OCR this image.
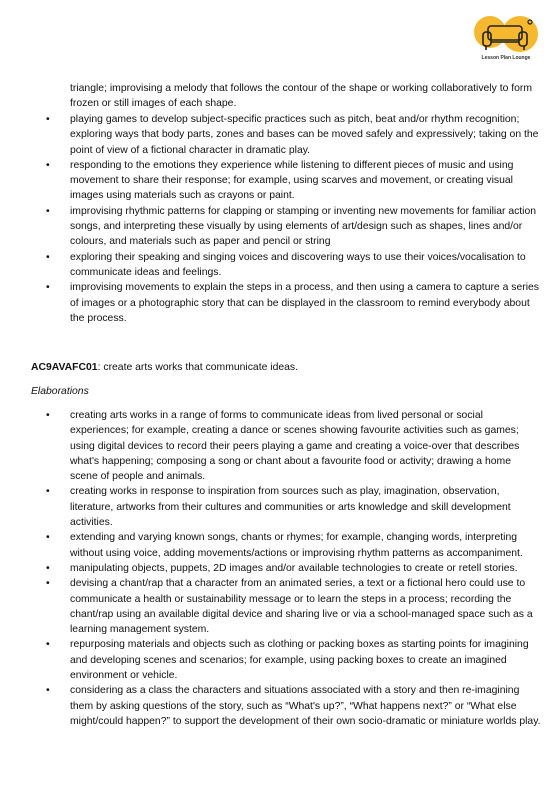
Lesson Plan Lounge

triangle; improvising a melody that follows the contour of the shape or working collaboratively to form frozen or still images of each shape.

• playing games to develop subject-specific practices such as pitch, beat and/or rhythm recognition; exploring ways that body parts, zones and bases can be moved safely and expressively; taking on the point of view of a fictional character in dramatic play.
• responding to the emotions they experience while listening to different pieces of music and using movement to share their response; for example, using scarves and movement, or creating visual images using materials such as crayons or paint.
• improvising rhythmic patterns for clapping or stamping or inventing new movements for familiar action songs, and interpreting these visually by using elements of art/design such as shapes, lines and/or colours, and materials such as paper and pencil or string
• exploring their speaking and singing voices and discovering ways to use their voices/vocalisation to communicate ideas and feelings.
• improvising movements to explain the steps in a process, and then using a camera to capture a series of images or a photographic story that can be displayed in the classroom to remind everybody about the process.

AC9AVAFC01: create arts works that communicate ideas.

Elaborations

• creating arts works in a range of forms to communicate ideas from lived personal or social experiences; for example, creating a dance or scenes showing favourite activities such as games; using digital devices to record their peers playing a game and creating a voice-over that describes what's happening; composing a song or chant about a favourite food or activity; drawing a home scene of people and animals.
• creating works in response to inspiration from sources such as play, imagination, observation, literature, artworks from their cultures and communities or arts knowledge and skill development activities.
• extending and varying known songs, chants or rhymes; for example, changing words, interpreting without using voice, adding movements/actions or improvising rhythm patterns as accompaniment.
• manipulating objects, puppets, 2D images and/or available technologies to create or retell stories.
• devising a chant/rap that a character from an animated series, a text or a fictional hero could use to communicate a health or sustainability message or to learn the steps in a process; recording the chant/rap using an available digital device and sharing live or via a school-managed space such as a learning management system.
• repurposing materials and objects such as clothing or packing boxes as starting points for imagining and developing scenes and scenarios; for example, using packing boxes to create an imagined environment or vehicle.
• considering as a class the characters and situations associated with a story and then re-imagining them by asking questions of the story, such as “What's up?”, “What happens next?” or “What else might/could happen?” to support the development of their own socio-dramatic or miniature worlds play.
